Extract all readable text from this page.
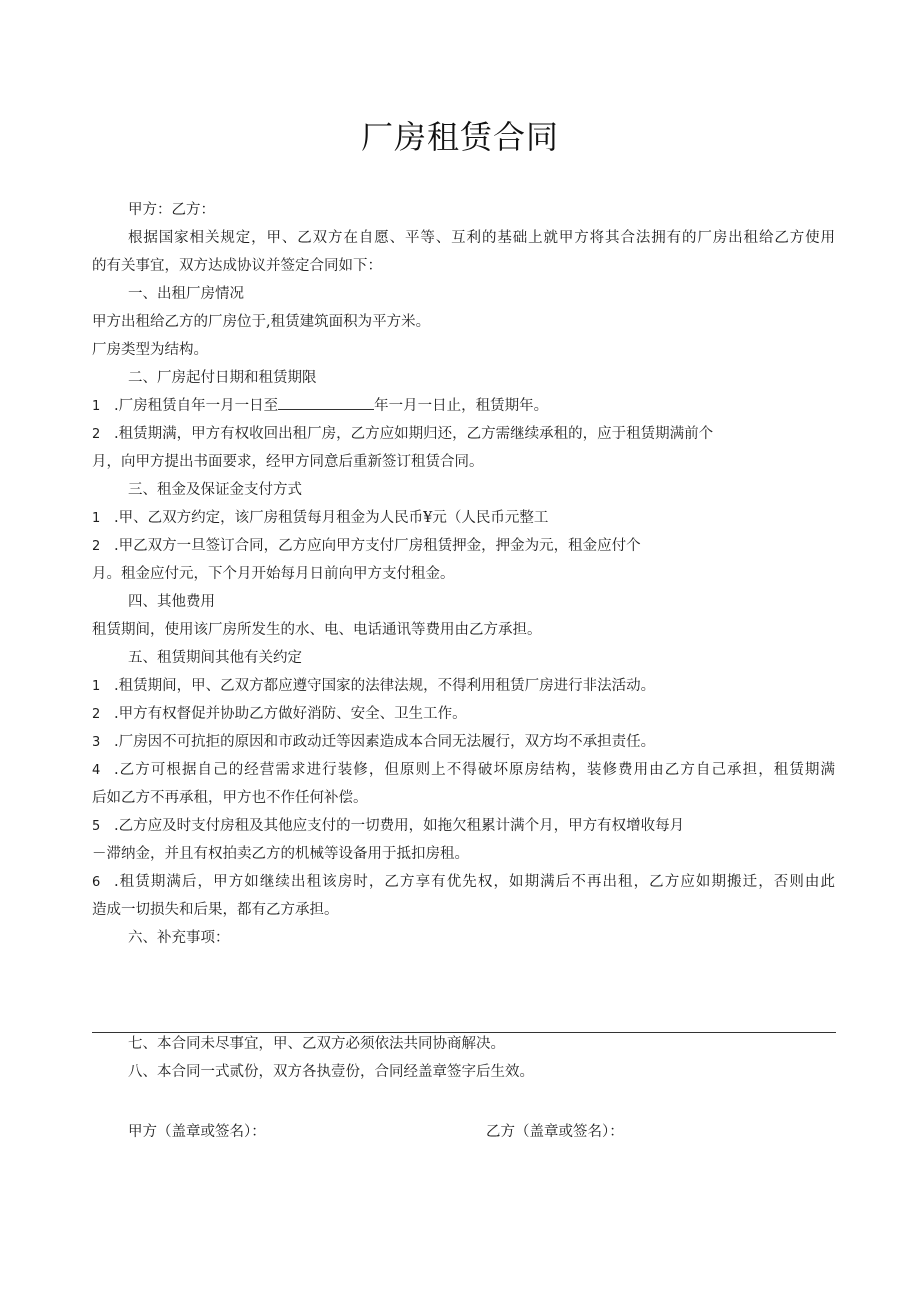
厂房租赁合同
甲方：乙方：
根据国家相关规定，甲、乙双方在自愿、平等、互利的基础上就甲方将其合法拥有的厂房出租给乙方使用
的有关事宜，双方达成协议并签定合同如下：
一、出租厂房情况
甲方出租给乙方的厂房位于,租赁建筑面积为平方米。
厂房类型为结构。
二、厂房起付日期和租赁期限
1 .厂房租赁自年一月一日至	年一月一日止，租赁期年。
2 .租赁期满，甲方有权收回出租厂房，乙方应如期归还，乙方需继续承租的，应于租赁期满前个
月，向甲方提出书面要求，经甲方同意后重新签订租赁合同。
三、租金及保证金支付方式
1 .甲、乙双方约定，该厂房租赁每月租金为人民币¥元（人民币元整工
2 .甲乙双方一旦签订合同，乙方应向甲方支付厂房租赁押金，押金为元，租金应付个
月。租金应付元，下个月开始每月日前向甲方支付租金。
四、其他费用
租赁期间，使用该厂房所发生的水、电、电话通讯等费用由乙方承担。
五、租赁期间其他有关约定
1 .租赁期间，甲、乙双方都应遵守国家的法律法规，不得利用租赁厂房进行非法活动。
2 .甲方有权督促并协助乙方做好消防、安全、卫生工作。
3 .厂房因不可抗拒的原因和市政动迁等因素造成本合同无法履行，双方均不承担责任。
4 .乙方可根据自己的经营需求进行装修，但原则上不得破坏原房结构，装修费用由乙方自己承担，租赁期满
后如乙方不再承租，甲方也不作任何补偿。
5 .乙方应及时支付房租及其他应支付的一切费用，如拖欠租累计满个月，甲方有权增收每月
－滞纳金，并且有权拍卖乙方的机械等设备用于抵扣房租。
6 .租赁期满后，甲方如继续出租该房时，乙方享有优先权，如期满后不再出租，乙方应如期搬迁，否则由此
造成一切损失和后果，都有乙方承担。
六、补充事项：
七、本合同未尽事宜，甲、乙双方必须依法共同协商解决。
八、本合同一式贰份，双方各执壹份，合同经盖章签字后生效。
甲方（盖章或签名）：	乙方（盖章或签名）：
